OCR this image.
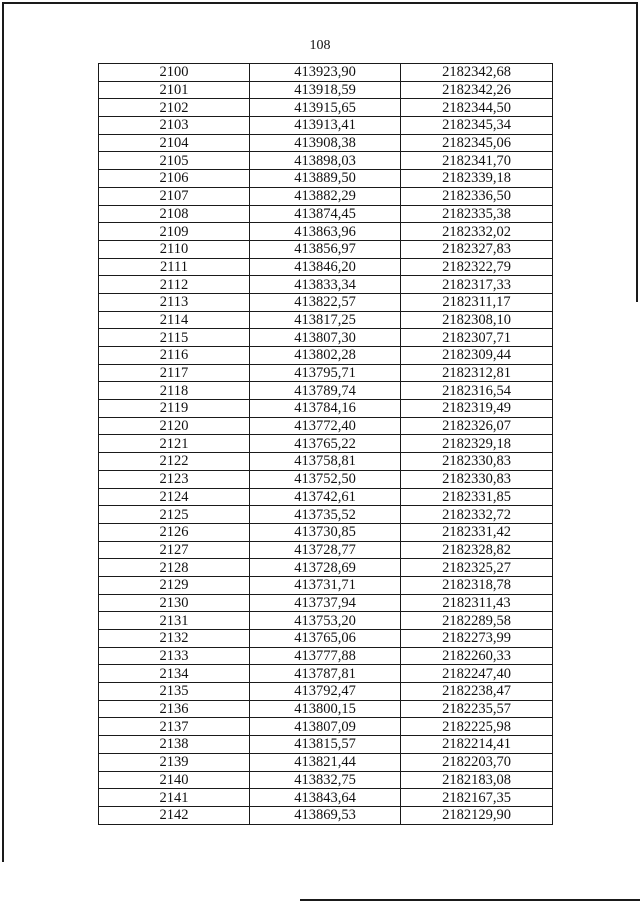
108
2100	413923,90	2182342,68
2101	413918,59	2182342,26
2102	413915,65	2182344,50
2103	413913,41	2182345,34
2104	413908,38	2182345,06
2105	413898,03	2182341,70
2106	413889,50	2182339,18
2107	413882,29	2182336,50
2108	413874,45	2182335,38
2109	413863,96	2182332,02
2110	413856,97	2182327,83
2111	413846,20	2182322,79
2112	413833,34	2182317,33
2113	413822,57	2182311,17
2114	413817,25	2182308,10
2115	413807,30	2182307,71
2116	413802,28	2182309,44
2117	413795,71	2182312,81
2118	413789,74	2182316,54
2119	413784,16	2182319,49
2120	413772,40	2182326,07
2121	413765,22	2182329,18
2122	413758,81	2182330,83
2123	413752,50	2182330,83
2124	413742,61	2182331,85
2125	413735,52	2182332,72
2126	413730,85	2182331,42
2127	413728,77	2182328,82
2128	413728,69	2182325,27
2129	413731,71	2182318,78
2130	413737,94	2182311,43
2131	413753,20	2182289,58
2132	413765,06	2182273,99
2133	413777,88	2182260,33
2134	413787,81	2182247,40
2135	413792,47	2182238,47
2136	413800,15	2182235,57
2137	413807,09	2182225,98
2138	413815,57	2182214,41
2139	413821,44	2182203,70
2140	413832,75	2182183,08
2141	413843,64	2182167,35
2142	413869,53	2182129,90
